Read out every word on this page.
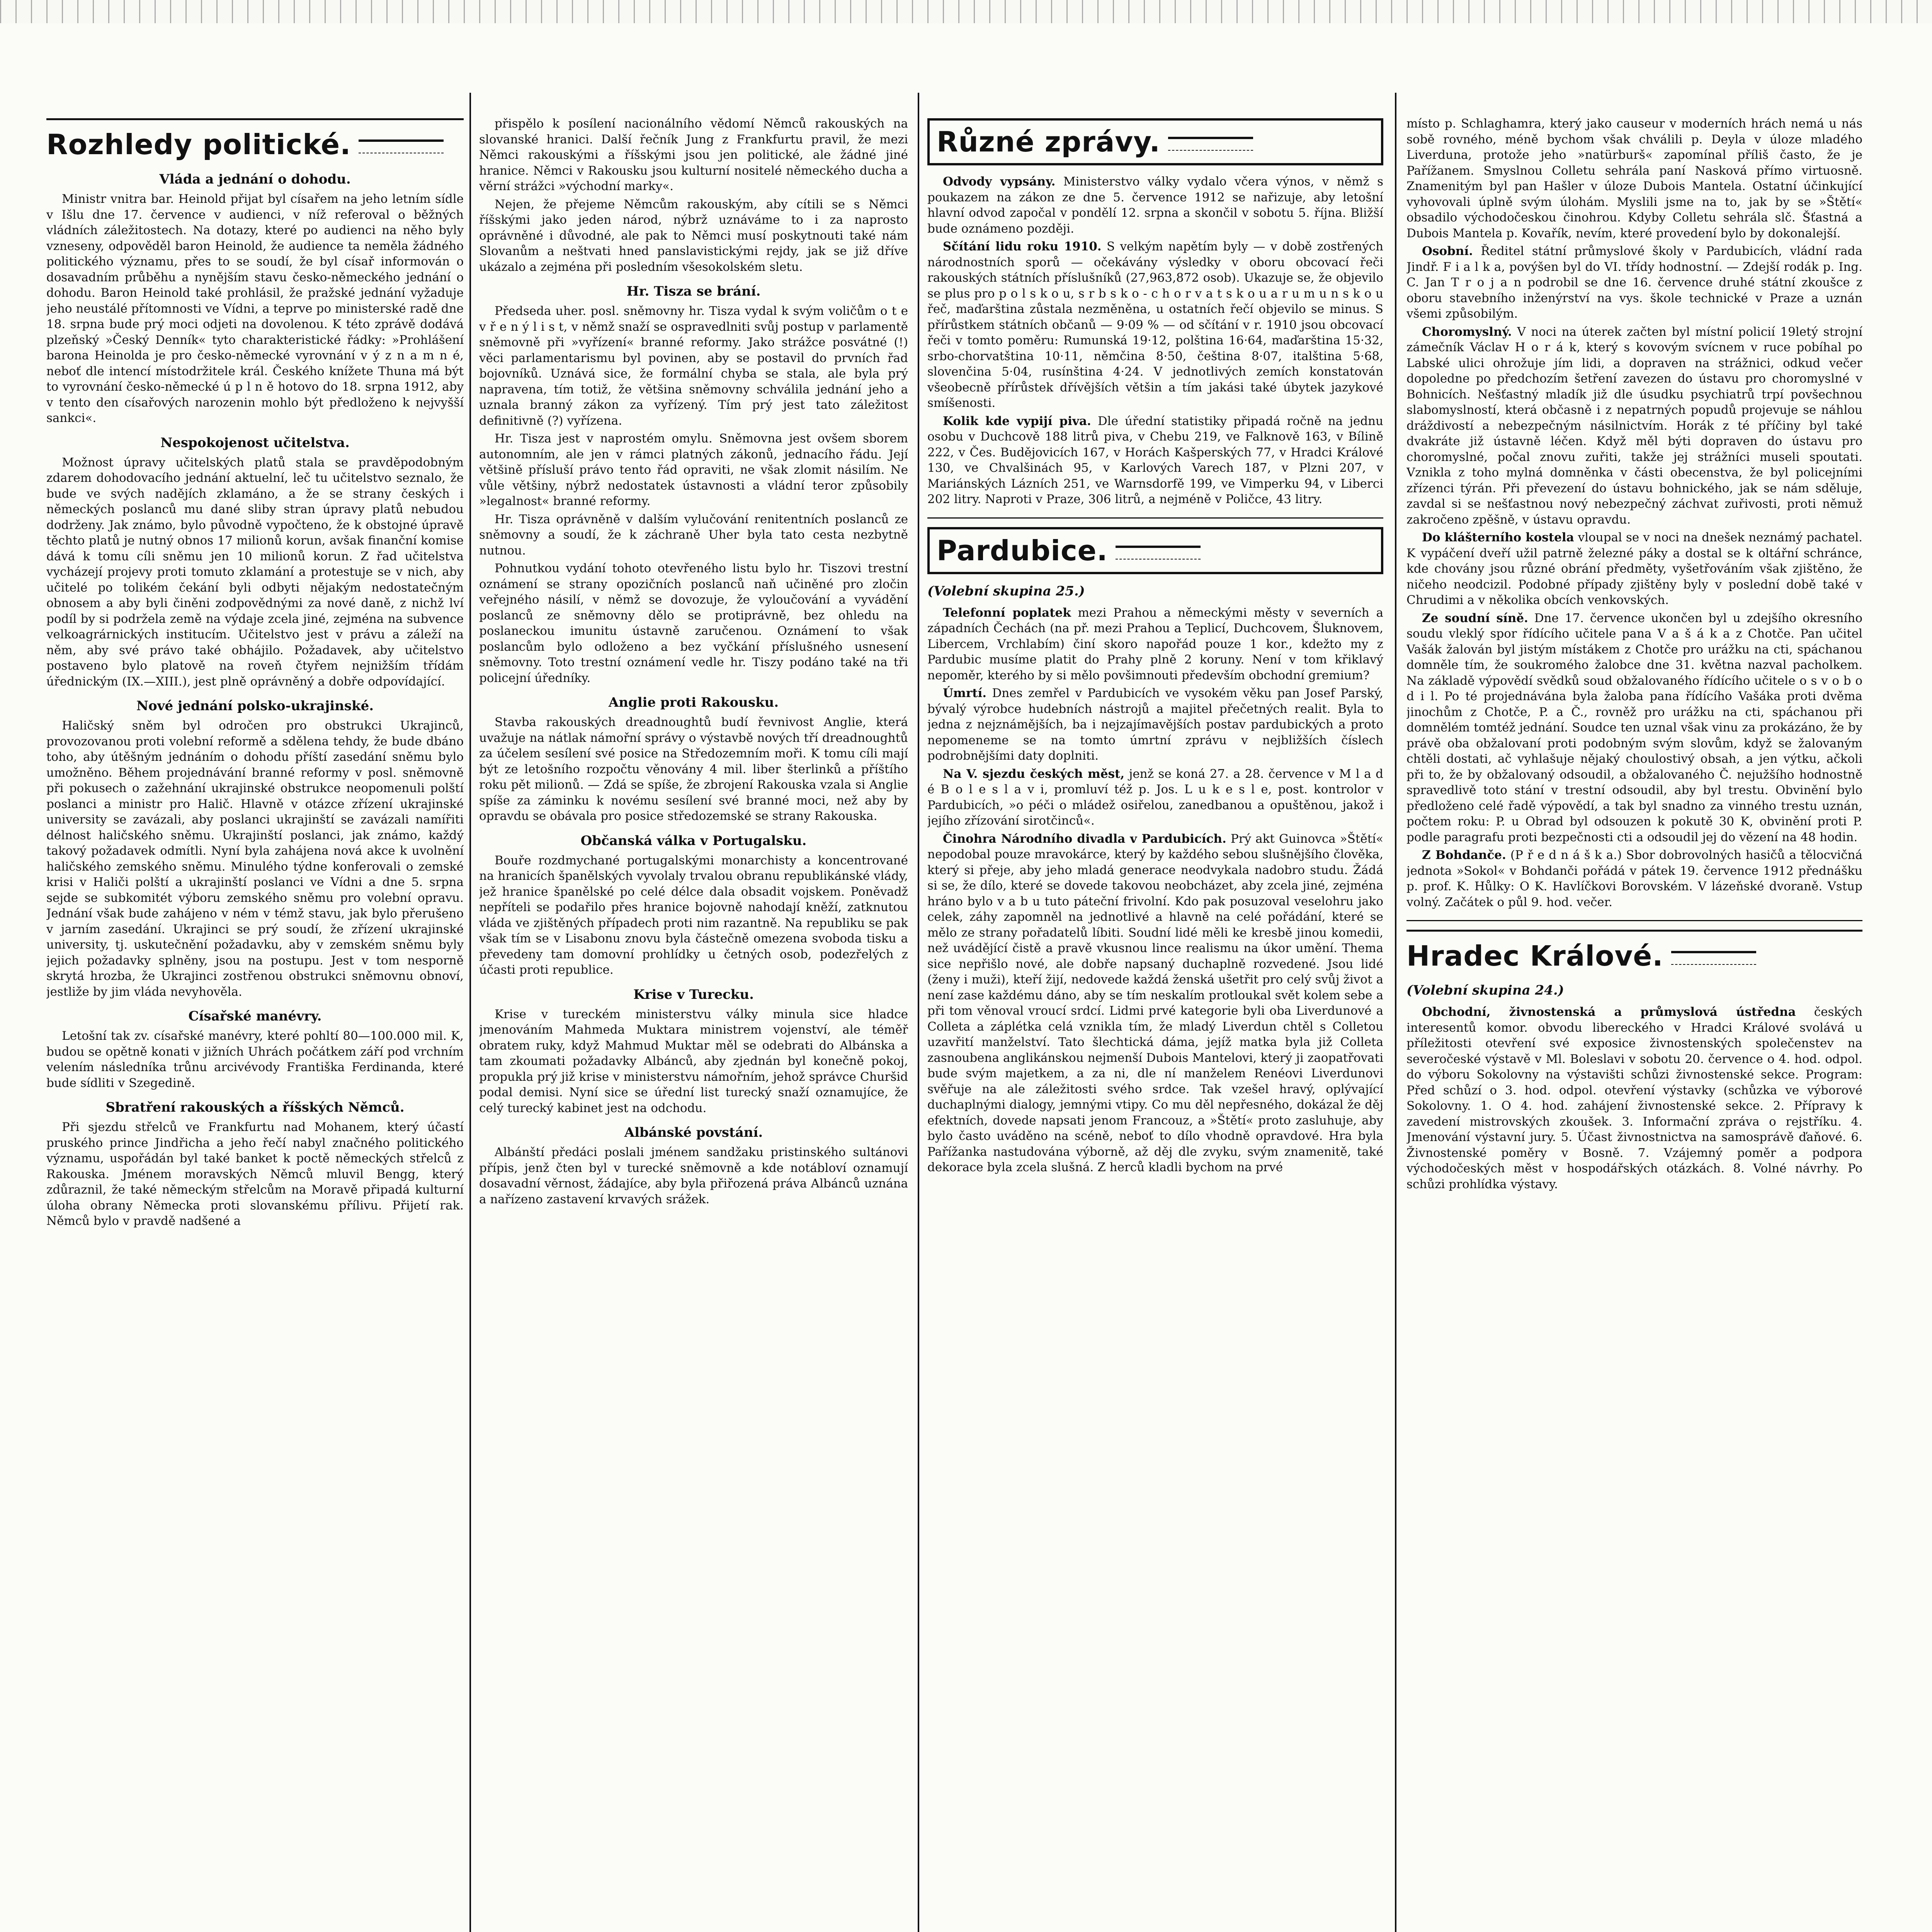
Rozhledy politické.
Vláda a jednání o dohodu.

Ministr vnitra bar. Heinold přijat byl císařem na jeho letním sídle v Išlu dne 17. července v audienci, v níž referoval o běžných vládních záležitostech. Na dotazy, které po audienci na něho byly vzneseny, odpověděl baron Heinold, že audience ta neměla žádného politického významu, přes to se soudí, že byl císař informován o dosavadním průběhu a nynějším stavu česko-německého jednání o dohodu. Baron Heinold také prohlásil, že pražské jednání vyžaduje jeho neustálé přítomnosti ve Vídni, a teprve po ministerské radě dne 18. srpna bude prý moci odjeti na dovolenou. K této zprávě dodává plzeňský »Český Denník« tyto charakteristické řádky: »Prohlášení barona Heinolda je pro česko-německé vyrovnání v ý z n a m n é, neboť dle intencí místodržitele král. Českého knížete Thuna má být to vyrovnání česko-německé ú p l n ě hotovo do 18. srpna 1912, aby v tento den císařových narozenin mohlo být předloženo k nejvyšší sankci«.

Nespokojenost učitelstva.

Možnost úpravy učitelských platů stala se pravděpodobným zdarem dohodovacího jednání aktuelní, leč tu učitelstvo seznalo, že bude ve svých nadějích zklamáno, a že se strany českých i německých poslanců mu dané sliby stran úpravy platů nebudou dodrženy. Jak známo, bylo původně vypočteno, že k obstojné úpravě těchto platů je nutný obnos 17 milionů korun, avšak finanční komise dává k tomu cíli sněmu jen 10 milionů korun. Z řad učitelstva vycházejí projevy proti tomuto zklamání a protestuje se v nich, aby učitelé po tolikém čekání byli odbyti nějakým nedostatečným obnosem a aby byli činěni zodpovědnými za nové daně, z nichž lví podíl by si podržela země na výdaje zcela jiné, zejména na subvence velkoagrárnických institucím. Učitelstvo jest v právu a záleží na něm, aby své právo také obhájilo. Požadavek, aby učitelstvo postaveno bylo platově na roveň čtyřem nejnižším třídám úřednickým (IX.—XIII.), jest plně oprávněný a dobře odpovídající.

Nové jednání polsko-ukrajinské.

Haličský sněm byl odročen pro obstrukci Ukrajinců, provozovanou proti volební reformě a sdělena tehdy, že bude dbáno toho, aby útěšným jednáním o dohodu příští zasedání sněmu bylo umožněno. Během projednávání branné reformy v posl. sněmovně při pokusech o zažehnání ukrajinské obstrukce neopomenuli polští poslanci a ministr pro Halič. Hlavně v otázce zřízení ukrajinské university se zavázali, aby poslanci ukrajinští se zavázali namířiti délnost haličského sněmu. Ukrajinští poslanci, jak známo, každý takový požadavek odmítli. Nyní byla zahájena nová akce k uvolnění haličského zemského sněmu. Minulého týdne konferovali o zemské krisi v Haliči polští a ukrajinští poslanci ve Vídni a dne 5. srpna sejde se subkomitét výboru zemského sněmu pro volební opravu. Jednání však bude zahájeno v ném v témž stavu, jak bylo přerušeno v jarním zasedání. Ukrajinci se prý soudí, že zřízení ukrajinské university, tj. uskutečnění požadavku, aby v zemském sněmu byly jejich požadavky splněny, jsou na postupu. Jest v tom nesporně skrytá hrozba, že Ukrajinci zostřenou obstrukci sněmovnu obnoví, jestliže by jim vláda nevyhověla.

Císařské manévry.

Letošní tak zv. císařské manévry, které pohltí 80—100.000 mil. K, budou se opětně konati v jižních Uhrách počátkem září pod vrchním velením následníka trůnu arcivévody Františka Ferdinanda, které bude sídliti v Szegedině.

Sbratření rakouských a říšských Němců.

Při sjezdu střelců ve Frankfurtu nad Mohanem, který účastí pruského prince Jindřicha a jeho řečí nabyl značného politického významu, uspořádán byl také banket k poctě německých střelců z Rakouska. Jménem moravských Němců mluvil Bengg, který zdůraznil, že také německým střelcům na Moravě připadá kulturní úloha obrany Německa proti slovanskému přílivu. Přijetí rak. Němců bylo v pravdě nadšené a

přispělo k posílení nacionálního vědomí Němců rakouských na slovanské hranici. Další řečník Jung z Frankfurtu pravil, že mezi Němci rakouskými a říšskými jsou jen politické, ale žádné jiné hranice. Němci v Rakousku jsou kulturní nositelé německého ducha a věrní strážci »východní marky«.

Nejen, že přejeme Němcům rakouským, aby cítili se s Němci říšskými jako jeden národ, nýbrž uznáváme to i za naprosto oprávněné i důvodné, ale pak to Němci musí poskytnouti také nám Slovanům a neštvati hned panslavistickými rejdy, jak se již dříve ukázalo a zejména při posledním všesokolském sletu.

Hr. Tisza se brání.

Předseda uher. posl. sněmovny hr. Tisza vydal k svým voličům o t e v ř e n ý l i s t, v němž snaží se ospravedlniti svůj postup v parlamentě sněmovně při »vyřízení« branné reformy. Jako strážce posvátné (!) věci parlamentarismu byl povinen, aby se postavil do prvních řad bojovníků. Uznává sice, že formální chyba se stala, ale byla prý napravena, tím totiž, že většina sněmovny schválila jednání jeho a uznala branný zákon za vyřízený. Tím prý jest tato záležitost definitivně (?) vyřízena.

Hr. Tisza jest v naprostém omylu. Sněmovna jest ovšem sborem autonomním, ale jen v rámci platných zákonů, jednacího řádu. Její většině přísluší právo tento řád opraviti, ne však zlomit násilím. Ne vůle většiny, nýbrž nedostatek ústavnosti a vládní teror způsobily »legalnost« branné reformy.

Hr. Tisza oprávněně v dalším vylučování renitentních poslanců ze sněmovny a soudí, že k záchraně Uher byla tato cesta nezbytně nutnou.

Pohnutkou vydání tohoto otevřeného listu bylo hr. Tiszovi trestní oznámení se strany opozičních poslanců naň učiněné pro zločin veřejného násilí, v němž se dovozuje, že vyloučování a vyvádění poslanců ze sněmovny dělo se protiprávně, bez ohledu na poslaneckou imunitu ústavně zaručenou. Oznámení to však poslancům bylo odloženo a bez vyčkání příslušného usnesení sněmovny. Toto trestní oznámení vedle hr. Tiszy podáno také na tři policejní úředníky.

Anglie proti Rakousku.

Stavba rakouských dreadnoughtů budí řevnivost Anglie, která uvažuje na nátlak námořní správy o výstavbě nových tří dreadnoughtů za účelem sesílení své posice na Středozemním moři. K tomu cíli mají být ze letošního rozpočtu věnovány 4 mil. liber šterlinků a příštího roku pět milionů. — Zdá se spíše, že zbrojení Rakouska vzala si Anglie spíše za záminku k novému sesílení své branné moci, než aby by opravdu se obávala pro posice středozemské se strany Rakouska.

Občanská válka v Portugalsku.

Bouře rozdmychané portugalskými monarchisty a koncentrované na hranicích španělských vyvolaly trvalou obranu republikánské vlády, jež hranice španělské po celé délce dala obsadit vojskem. Poněvadž nepříteli se podařilo přes hranice bojovně nahodají kněží, zatknutou vláda ve zjištěných případech proti nim razantně. Na republiku se pak však tím se v Lisabonu znovu byla částečně omezena svoboda tisku a převedeny tam domovní prohlídky u četných osob, podezřelých z účasti proti republice.

Krise v Turecku.

Krise v tureckém ministerstvu války minula sice hladce jmenováním Mahmeda Muktara ministrem vojenství, ale téměř obratem ruky, když Mahmud Muktar měl se odebrati do Albánska a tam zkoumati požadavky Albánců, aby zjednán byl konečně pokoj, propukla prý již krise v ministerstvu námořním, jehož správce Churšid podal demisi. Nyní sice se úřední list turecký snaží oznamujíce, že celý turecký kabinet jest na odchodu.

Albánské povstání.

Albánští předáci poslali jménem sandžaku pristinského sultánovi přípis, jenž čten byl v turecké sněmovně a kde notábloví oznamují dosavadní věrnost, žádajíce, aby byla přiřozená práva Albánců uznána a nařízeno zastavení krvavých srážek.

Různé zprávy.

Odvody vypsány. Ministerstvo války vydalo včera výnos, v němž s poukazem na zákon ze dne 5. července 1912 se nařizuje, aby letošní hlavní odvod započal v pondělí 12. srpna a skončil v sobotu 5. října. Bližší bude oznámeno později.

Sčítání lidu roku 1910. S velkým napětím byly — v době zostřených národnostních sporů — očekávány výsledky v oboru obcovací řeči rakouských státních příslušníků (27,963,872 osob). Ukazuje se, že objevilo se plus pro p o l s k o u, s r b s k o - c h o r v a t s k o u a r u m u n s k o u řeč, maďarština zůstala nezměněna, u ostatních řečí objevilo se minus. S přírůstkem státních občanů — 9·09 % — od sčítání v r. 1910 jsou obcovací řeči v tomto poměru: Rumunská 19·12, polština 16·64, maďarština 15·32, srbo-chorvatština 10·11, němčina 8·50, čeština 8·07, italština 5·68, slovenčina 5·04, rusínština 4·24. V jednotlivých zemích konstatován všeobecně přírůstek dřívějších většin a tím jakási také úbytek jazykové smíšenosti.

Kolik kde vypijí piva. Dle úřední statistiky připadá ročně na jednu osobu v Duchcově 188 litrů piva, v Chebu 219, ve Falknově 163, v Bílině 222, v Čes. Budějovicích 167, v Horách Kašperských 77, v Hradci Králové 130, ve Chvalšinách 95, v Karlových Varech 187, v Plzni 207, v Mariánských Lázních 251, ve Warnsdorfě 199, ve Vimperku 94, v Liberci 202 litry. Naproti v Praze, 306 litrů, a nejméně v Poličce, 43 litry.

Pardubice.
(Volební skupina 25.)

Telefonní poplatek mezi Prahou a německými městy v severních a západních Čechách (na př. mezi Prahou a Teplicí, Duchcovem, Šluknovem, Libercem, Vrchlabím) činí skoro napořád pouze 1 kor., kdežto my z Pardubic musíme platit do Prahy plně 2 koruny. Není v tom křiklavý nepoměr, kterého by si mělo povšimnouti především obchodní gremium?

Úmrtí. Dnes zemřel v Pardubicích ve vysokém věku pan Josef Parský, bývalý výrobce hudebních nástrojů a majitel přečetných realit. Byla to jedna z nejznámějších, ba i nejzajímavějších postav pardubických a proto nepomeneme se na tomto úmrtní zprávu v nejbližších číslech podrobnějšími daty doplniti.

Na V. sjezdu českých měst, jenž se koná 27. a 28. července v M l a d é B o l e s l a v i, promluví též p. Jos. L u k e s l e, post. kontrolor v Pardubicích, »o péči o mládež osiřelou, zanedbanou a opuštěnou, jakož i jejího zřízování sirotčinců«.

Činohra Národního divadla v Pardubicích. Prý akt Guinovca »Štětí« nepodobal pouze mravokárce, který by každého sebou slušnějšího člověka, který si přeje, aby jeho mladá generace neodvykala nadobro studu. Žádá si se, že dílo, které se dovede takovou neobcházet, aby zcela jiné, zejména hráno bylo v a b u tuto páteční frivolní. Kdo pak posuzoval veselohru jako celek, záhy zapomněl na jednotlivé a hlavně na celé pořádání, které se mělo ze strany pořadatelů líbiti. Soudní lidé měli ke kresbě jinou komedii, než uvádějící čistě a pravě vkusnou lince realismu na úkor umění. Thema sice nepřišlo nové, ale dobře napsaný duchaplně rozvedené. Jsou lidé (ženy i muži), kteří žijí, nedovede každá ženská ušetřit pro celý svůj život a není zase každému dáno, aby se tím neskalím protloukal svět kolem sebe a při tom věnoval vroucí srdcí. Lidmi prvé kategorie byli oba Liverdunové a Colleta a záplétka celá vznikla tím, že mladý Liverdun chtěl s Colletou uzavřití manželství. Tato šlechtická dáma, jejíž matka byla již Colleta zasnoubena anglikánskou nejmenší Dubois Mantelovi, který ji zaopatřovati bude svým majetkem, a za ni, dle ní manželem Renéovi Liverdunovi svěřuje na ale záležitosti svého srdce. Tak vzešel hravý, oplývající duchaplnými dialogy, jemnými vtipy. Co mu děl nepřesného, dokázal že děj efektních, dovede napsati jenom Francouz, a »Štětí« proto zasluhuje, aby bylo často uváděno na scéně, neboť to dílo vhodně opravdové. Hra byla Pařížanka nastudována výborně, až děj dle zvyku, svým znamenitě, také dekorace byla zcela slušná. Z herců kladli bychom na prvé

místo p. Schlaghamra, který jako causeur v moderních hrách nemá u nás sobě rovného, méně bychom však chválili p. Deyla v úloze mladého Liverduna, protože jeho »natürburš« zapomínal příliš často, že je Pařížanem. Smyslnou Colletu sehrála paní Nasková přímo virtuosně. Znamenitým byl pan Hašler v úloze Dubois Mantela. Ostatní účinkující vyhovovali úplně svým úlohám. Myslili jsme na to, jak by se »Štětí« obsadilo východočeskou činohrou. Kdyby Colletu sehrála slč. Šťastná a Dubois Mantela p. Kovařík, nevím, které provedení bylo by dokonalejší.

Osobní. Ředitel státní průmyslové školy v Pardubicích, vládní rada Jindř. F i a l k a, povýšen byl do VI. třídy hodnostní. — Zdejší rodák p. Ing. C. Jan T r o j a n podrobil se dne 16. července druhé státní zkoušce z oboru stavebního inženýrství na vys. škole technické v Praze a uznán všemi způsobilým.

Choromyslný. V noci na úterek začten byl místní policií 19letý strojní zámečník Václav H o r á k, který s kovovým svícnem v ruce pobíhal po Labské ulici ohrožuje jím lidi, a dopraven na strážnici, odkud večer dopoledne po předchozím šetření zavezen do ústavu pro choromyslné v Bohnicích. Nešťastný mladík již dle úsudku psychiatrů trpí povšechnou slabomyslností, která občasně i z nepatrných popudů projevuje se náhlou dráždivostí a nebezpečným násilnictvím. Horák z té příčiny byl také dvakráte již ústavně léčen. Když měl býti dopraven do ústavu pro choromyslné, počal znovu zuřiti, takže jej strážníci museli spoutati. Vznikla z toho mylná domněnka v části obecenstva, že byl policejními zřízenci týrán. Při převezení do ústavu bohnického, jak se nám sděluje, zavdal si se nešťastnou nový nebezpečný záchvat zuřivosti, proti němuž zakročeno zpěšně, v ústavu opravdu.

Do klášterního kostela vloupal se v noci na dnešek neznámý pachatel. K vypáčení dveří užil patrně železné páky a dostal se k oltářní schránce, kde chovány jsou různé obrání předměty, vyšetřováním však zjištěno, že ničeho neodcizil. Podobné případy zjištěny byly v poslední době také v Chrudimi a v několika obcích venkovských.

Ze soudní síně. Dne 17. července ukončen byl u zdejšího okresního soudu vleklý spor řídícího učitele pana V a š á k a z Chotče. Pan učitel Vašák žalován byl jistým místákem z Chotče pro urážku na cti, spáchanou domněle tím, že soukromého žalobce dne 31. května nazval pacholkem. Na základě výpovědí svědků soud obžalovaného řídícího učitele o s v o b o d i l. Po té projednávána byla žaloba pana řídícího Vašáka proti dvěma jinochům z Chotče, P. a Č., rovněž pro urážku na cti, spáchanou při domnělém tomtéž jednání. Soudce ten uznal však vinu za prokázáno, že by právě oba obžalovaní proti podobným svým slovům, když se žalovaným chtěli dostati, ač vyhlašuje nějaký choulostivý obsah, a jen výtku, ačkoli při to, že by obžalovaný odsoudil, a obžalovaného Č. nejužšího hodnostně spravedlivě toto stání v trestní odsoudil, aby byl trestu. Obvinění bylo předloženo celé řadě výpovědí, a tak byl snadno za vinného trestu uznán, počtem roku: P. u Obrad byl odsouzen k pokutě 30 K, obvinění proti P. podle paragrafu proti bezpečnosti cti a odsoudil jej do vězení na 48 hodin.

Z Bohdanče. (P ř e d n á š k a.) Sbor dobrovolných hasičů a tělocvičná jednota »Sokol« v Bohdanči pořádá v pátek 19. července 1912 přednášku p. prof. K. Hůlky: O K. Havlíčkovi Borovském. V lázeňské dvoraně. Vstup volný. Začátek o půl 9. hod. večer.

Hradec Králové.
(Volební skupina 24.)

Obchodní, živnostenská a průmyslová ústředna českých interesentů komor. obvodu libereckého v Hradci Králové svolává u příležitosti otevření své exposice živnostenských společenstev na severočeské výstavě v Ml. Boleslavi v sobotu 20. července o 4. hod. odpol. do výboru Sokolovny na výstavišti schůzi živnostenské sekce. Program: Před schůzí o 3. hod. odpol. otevření výstavky (schůzka ve výborové Sokolovny. 1. O 4. hod. zahájení živnostenské sekce. 2. Přípravy k zavedení mistrovských zkoušek. 3. Informační zpráva o rejstříku. 4. Jmenování výstavní jury. 5. Účast živnostnictva na samosprávě ďaňové. 6. Živnostenské poměry v Bosně. 7. Vzájemný poměr a podpora východočeských měst v hospodářských otázkách. 8. Volné návrhy. Po schůzi prohlídka výstavy.
